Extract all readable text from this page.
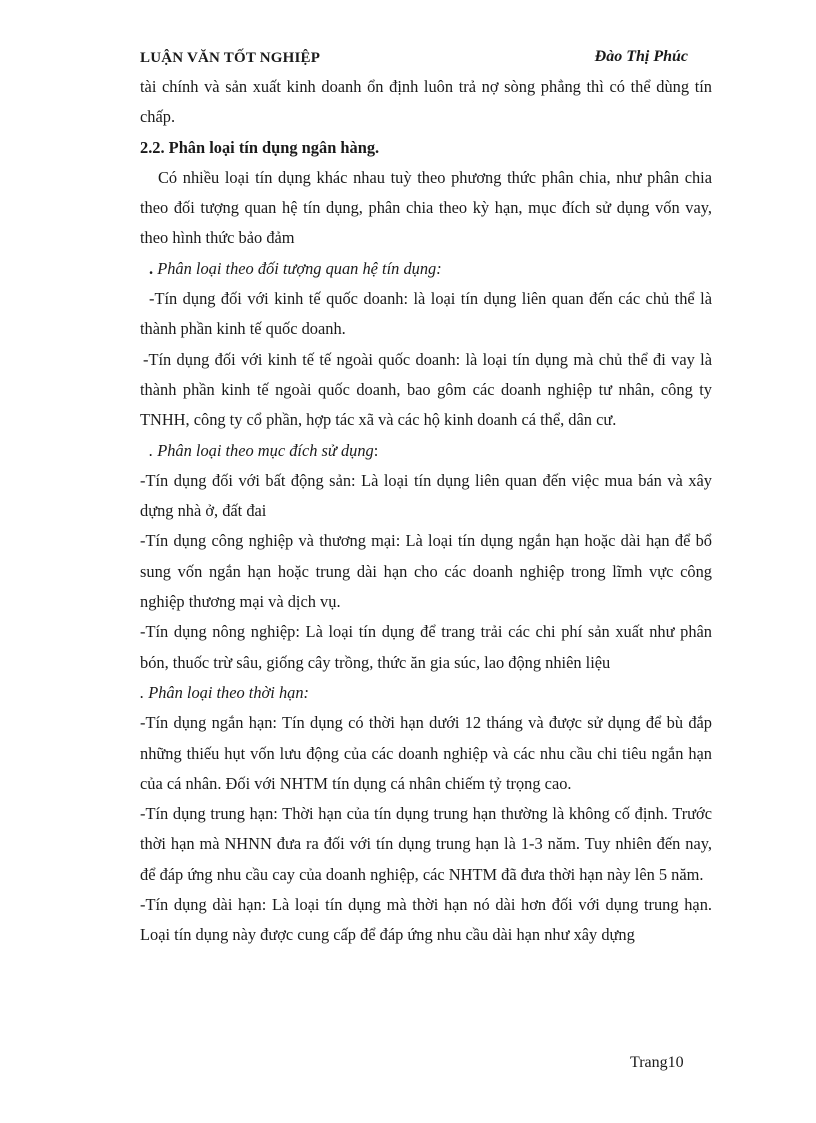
LUẬN VĂN TỐT NGHIỆP	Đào Thị Phúc

tài chính và sản xuất kinh doanh ổn định luôn trả nợ sòng phẳng thì có thể dùng tín chấp.

2.2. Phân loại tín dụng ngân hàng.

Có nhiều loại tín dụng khác nhau tuỳ theo phương thức phân chia, như phân chia theo đối tượng quan hệ tín dụng, phân chia theo kỳ hạn, mục đích sử dụng vốn vay, theo hình thức bảo đảm

. Phân loại theo đối tượng quan hệ tín dụng:

-Tín dụng đối với kinh tế quốc doanh: là loại tín dụng liên quan đến các chủ thể là thành phần kinh tế quốc doanh.

-Tín dụng đối với kinh tế tế ngoài quốc doanh: là loại tín dụng mà chủ thể đi vay là thành phần kinh tế ngoài quốc doanh, bao gôm các doanh nghiệp tư nhân, công ty TNHH, công ty cổ phần, hợp tác xã và các hộ kinh doanh cá thể, dân cư.

. Phân loại theo mục đích sử dụng:

-Tín dụng đối với bất động sản: Là loại tín dụng liên quan đến việc mua bán và xây dựng nhà ở, đất đai

-Tín dụng công nghiệp và thương mại: Là loại tín dụng ngắn hạn hoặc dài hạn để bổ sung vốn ngắn hạn hoặc trung dài hạn cho các doanh nghiệp trong lĩmh vực công nghiệp thương mại và dịch vụ.

-Tín dụng nông nghiệp: Là loại tín dụng để trang trải các chi phí sản xuất như phân bón, thuốc trừ sâu, giống cây trồng, thức ăn gia súc, lao động nhiên liệu

. Phân loại theo thời hạn:

-Tín dụng ngắn hạn: Tín dụng có thời hạn dưới 12 tháng và được sử dụng để bù đắp những thiếu hụt vốn lưu động của các doanh nghiệp và các nhu cầu chi tiêu ngắn hạn của cá nhân. Đối với NHTM tín dụng cá nhân chiếm tỷ trọng cao.

-Tín dụng trung hạn: Thời hạn của tín dụng trung hạn thường là không cố định. Trước thời hạn mà NHNN đưa ra đối với tín dụng trung hạn là 1-3 năm. Tuy nhiên đến nay, để đáp ứng nhu cầu cay của doanh nghiệp, các NHTM đã đưa thời hạn này lên 5 năm.

-Tín dụng dài hạn: Là loại tín dụng mà thời hạn nó dài hơn đối với dụng trung hạn. Loại tín dụng này được cung cấp để đáp ứng nhu cầu dài hạn như xây dựng

Trang10
